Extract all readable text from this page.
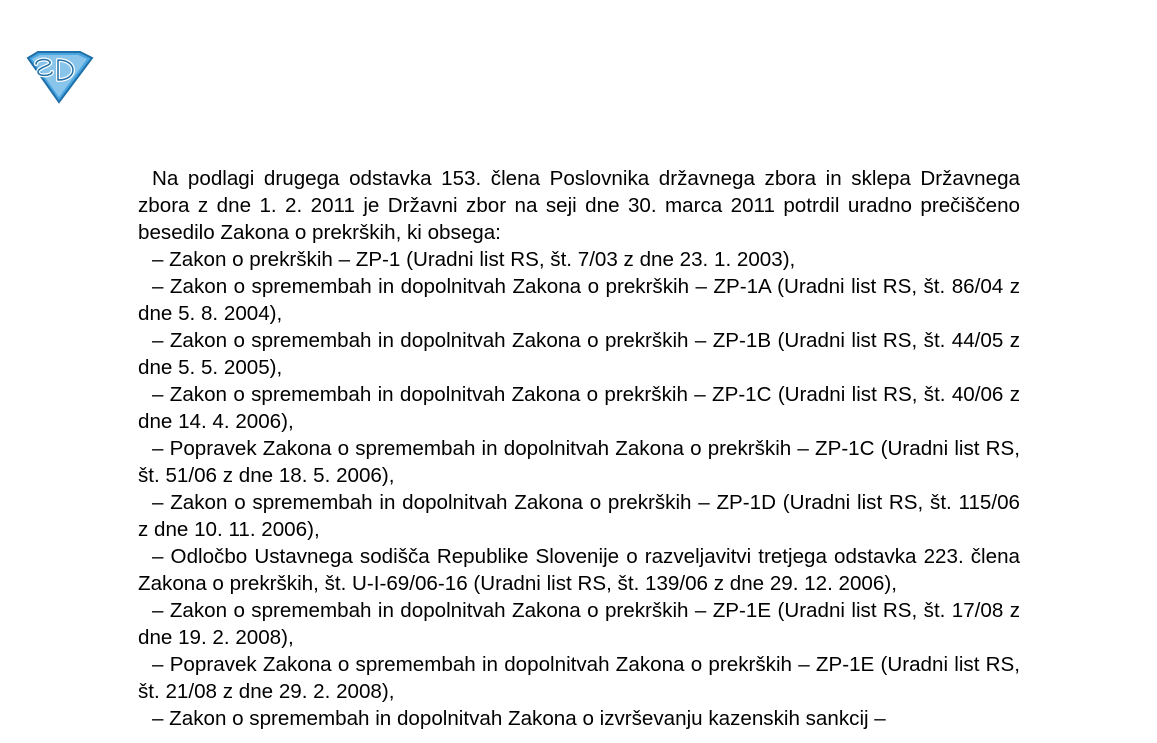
Na podlagi drugega odstavka 153. člena Poslovnika državnega zbora in sklepa Državnega zbora z dne 1. 2. 2011 je Državni zbor na seji dne 30. marca 2011 potrdil uradno prečiščeno besedilo Zakona o prekrških, ki obsega:

– Zakon o prekrških – ZP-1 (Uradni list RS, št. 7/03 z dne 23. 1. 2003),

– Zakon o spremembah in dopolnitvah Zakona o prekrških – ZP-1A (Uradni list RS, št. 86/04 z dne 5. 8. 2004),

– Zakon o spremembah in dopolnitvah Zakona o prekrških – ZP-1B (Uradni list RS, št. 44/05 z dne 5. 5. 2005),

– Zakon o spremembah in dopolnitvah Zakona o prekrških – ZP-1C (Uradni list RS, št. 40/06 z dne 14. 4. 2006),

– Popravek Zakona o spremembah in dopolnitvah Zakona o prekrških – ZP-1C (Uradni list RS, št. 51/06 z dne 18. 5. 2006),

– Zakon o spremembah in dopolnitvah Zakona o prekrških – ZP-1D (Uradni list RS, št. 115/06 z dne 10. 11. 2006),

– Odločbo Ustavnega sodišča Republike Slovenije o razveljavitvi tretjega odstavka 223. člena Zakona o prekrških, št. U-I-69/06-16 (Uradni list RS, št. 139/06 z dne 29. 12. 2006),

– Zakon o spremembah in dopolnitvah Zakona o prekrških – ZP-1E (Uradni list RS, št. 17/08 z dne 19. 2. 2008),

– Popravek Zakona o spremembah in dopolnitvah Zakona o prekrških – ZP-1E (Uradni list RS, št. 21/08 z dne 29. 2. 2008),

– Zakon o spremembah in dopolnitvah Zakona o izvrševanju kazenskih sankcij –
